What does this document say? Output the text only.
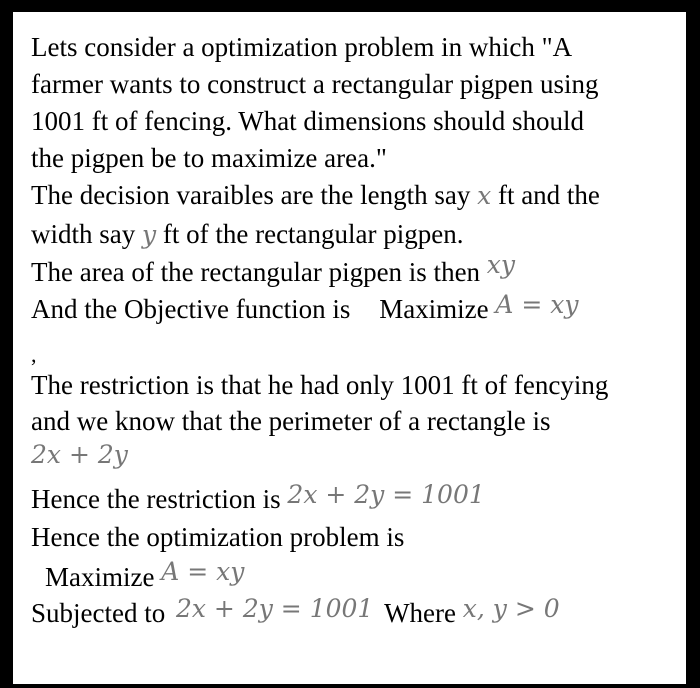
Lets consider a optimization problem in which "A
farmer wants to construct a rectangular pigpen using
1001 ft of fencing. What dimensions should should
the pigpen be to maximize area."
The decision varaibles are the length say x ft and the
width say y ft of the rectangular pigpen.
The area of the rectangular pigpen is then xy
And the Objective function is Maximize A = xy
,
The restriction is that he had only 1001 ft of fencying
and we know that the perimeter of a rectangle is
2x + 2y
Hence the restriction is 2x + 2y = 1001
Hence the optimization problem is
Maximize A = xy
Subjected to 2x + 2y = 1001 Where x, y > 0
